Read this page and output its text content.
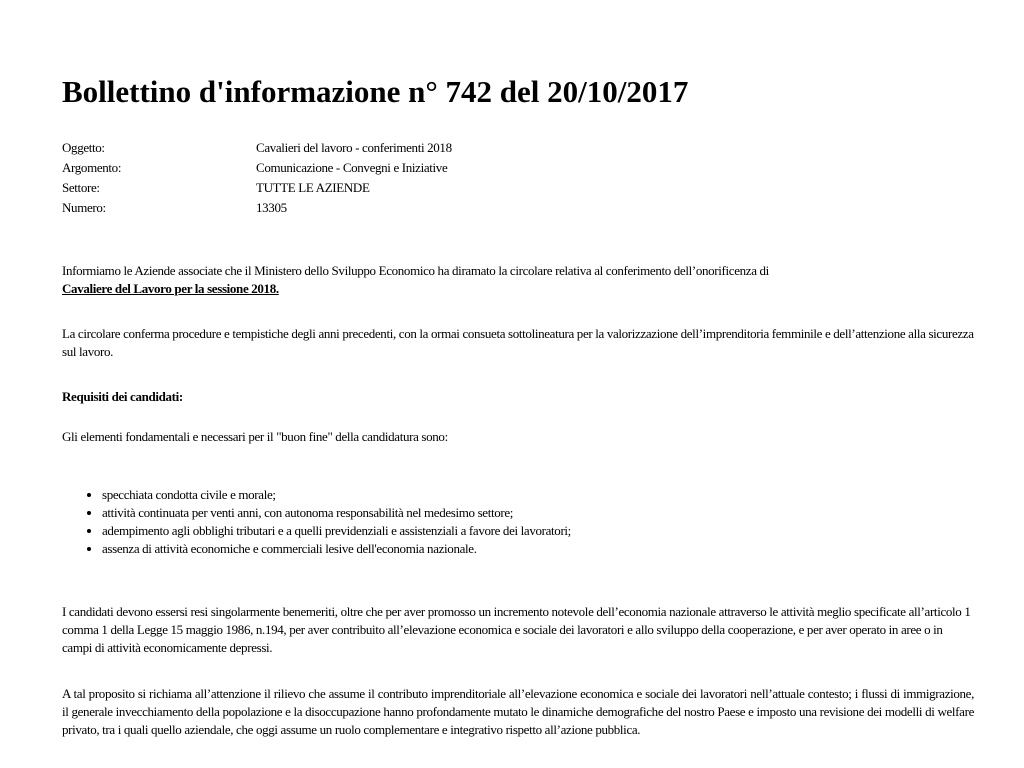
Bollettino d'informazione n° 742 del 20/10/2017
Oggetto:	Cavalieri del lavoro - conferimenti 2018
Argomento:	Comunicazione - Convegni e Iniziative
Settore:	TUTTE LE AZIENDE
Numero:	13305

Informiamo le Aziende associate che il Ministero dello Sviluppo Economico ha diramato la circolare relativa al conferimento dell’onorificenza di
Cavaliere del Lavoro per la sessione 2018.

La circolare conferma procedure e tempistiche degli anni precedenti, con la ormai consueta sottolineatura per la valorizzazione dell’imprenditoria femminile e dell’attenzione alla sicurezza sul lavoro.

Requisiti dei candidati:

Gli elementi fondamentali e necessari per il "buon fine" della candidatura sono:

• specchiata condotta civile e morale;
• attività continuata per venti anni, con autonoma responsabilità nel medesimo settore;
• adempimento agli obblighi tributari e a quelli previdenziali e assistenziali a favore dei lavoratori;
• assenza di attività economiche e commerciali lesive dell'economia nazionale.

I candidati devono essersi resi singolarmente benemeriti, oltre che per aver promosso un incremento notevole dell’economia nazionale attraverso le attività meglio specificate all’articolo 1 comma 1 della Legge 15 maggio 1986, n.194, per aver contribuito all’elevazione economica e sociale dei lavoratori e allo sviluppo della cooperazione, e per aver operato in aree o in campi di attività economicamente depressi.

A tal proposito si richiama all’attenzione il rilievo che assume il contributo imprenditoriale all’elevazione economica e sociale dei lavoratori nell’attuale contesto; i flussi di immigrazione, il generale invecchiamento della popolazione e la disoccupazione hanno profondamente mutato le dinamiche demografiche del nostro Paese e imposto una revisione dei modelli di welfare privato, tra i quali quello aziendale, che oggi assume un ruolo complementare e integrativo rispetto all’azione pubblica.
